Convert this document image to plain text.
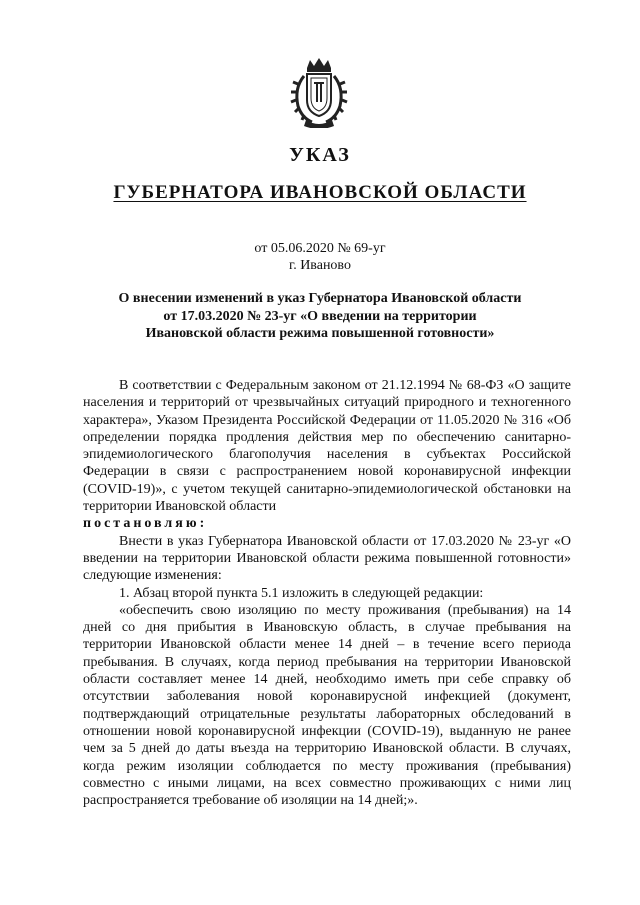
УКАЗ
ГУБЕРНАТОРА ИВАНОВСКОЙ ОБЛАСТИ
от 05.06.2020 № 69-уг
г. Иваново
О внесении изменений в указ Губернатора Ивановской области
от 17.03.2020 № 23-уг «О введении на территории
Ивановской области режима повышенной готовности»

В соответствии с Федеральным законом от 21.12.1994 № 68-ФЗ «О защите населения и территорий от чрезвычайных ситуаций природного и техногенного характера», Указом Президента Российской Федерации от 11.05.2020 № 316 «Об определении порядка продления действия мер по обеспечению санитарно-эпидемиологического благополучия населения в субъектах Российской Федерации в связи с распространением новой коронавирусной инфекции (COVID-19)», с учетом текущей санитарно-эпидемиологической обстановки на территории Ивановской области
постановляю:

Внести в указ Губернатора Ивановской области от 17.03.2020 № 23-уг «О введении на территории Ивановской области режима повышенной готовности» следующие изменения:

1. Абзац второй пункта 5.1 изложить в следующей редакции:

«обеспечить свою изоляцию по месту проживания (пребывания) на 14 дней со дня прибытия в Ивановскую область, в случае пребывания на территории Ивановской области менее 14 дней – в течение всего периода пребывания. В случаях, когда период пребывания на территории Ивановской области составляет менее 14 дней, необходимо иметь при себе справку об отсутствии заболевания новой коронавирусной инфекцией (документ, подтверждающий отрицательные результаты лабораторных обследований в отношении новой коронавирусной инфекции (COVID-19), выданную не ранее чем за 5 дней до даты въезда на территорию Ивановской области. В случаях, когда режим изоляции соблюдается по месту проживания (пребывания) совместно с иными лицами, на всех совместно проживающих с ними лиц распространяется требование об изоляции на 14 дней;».
